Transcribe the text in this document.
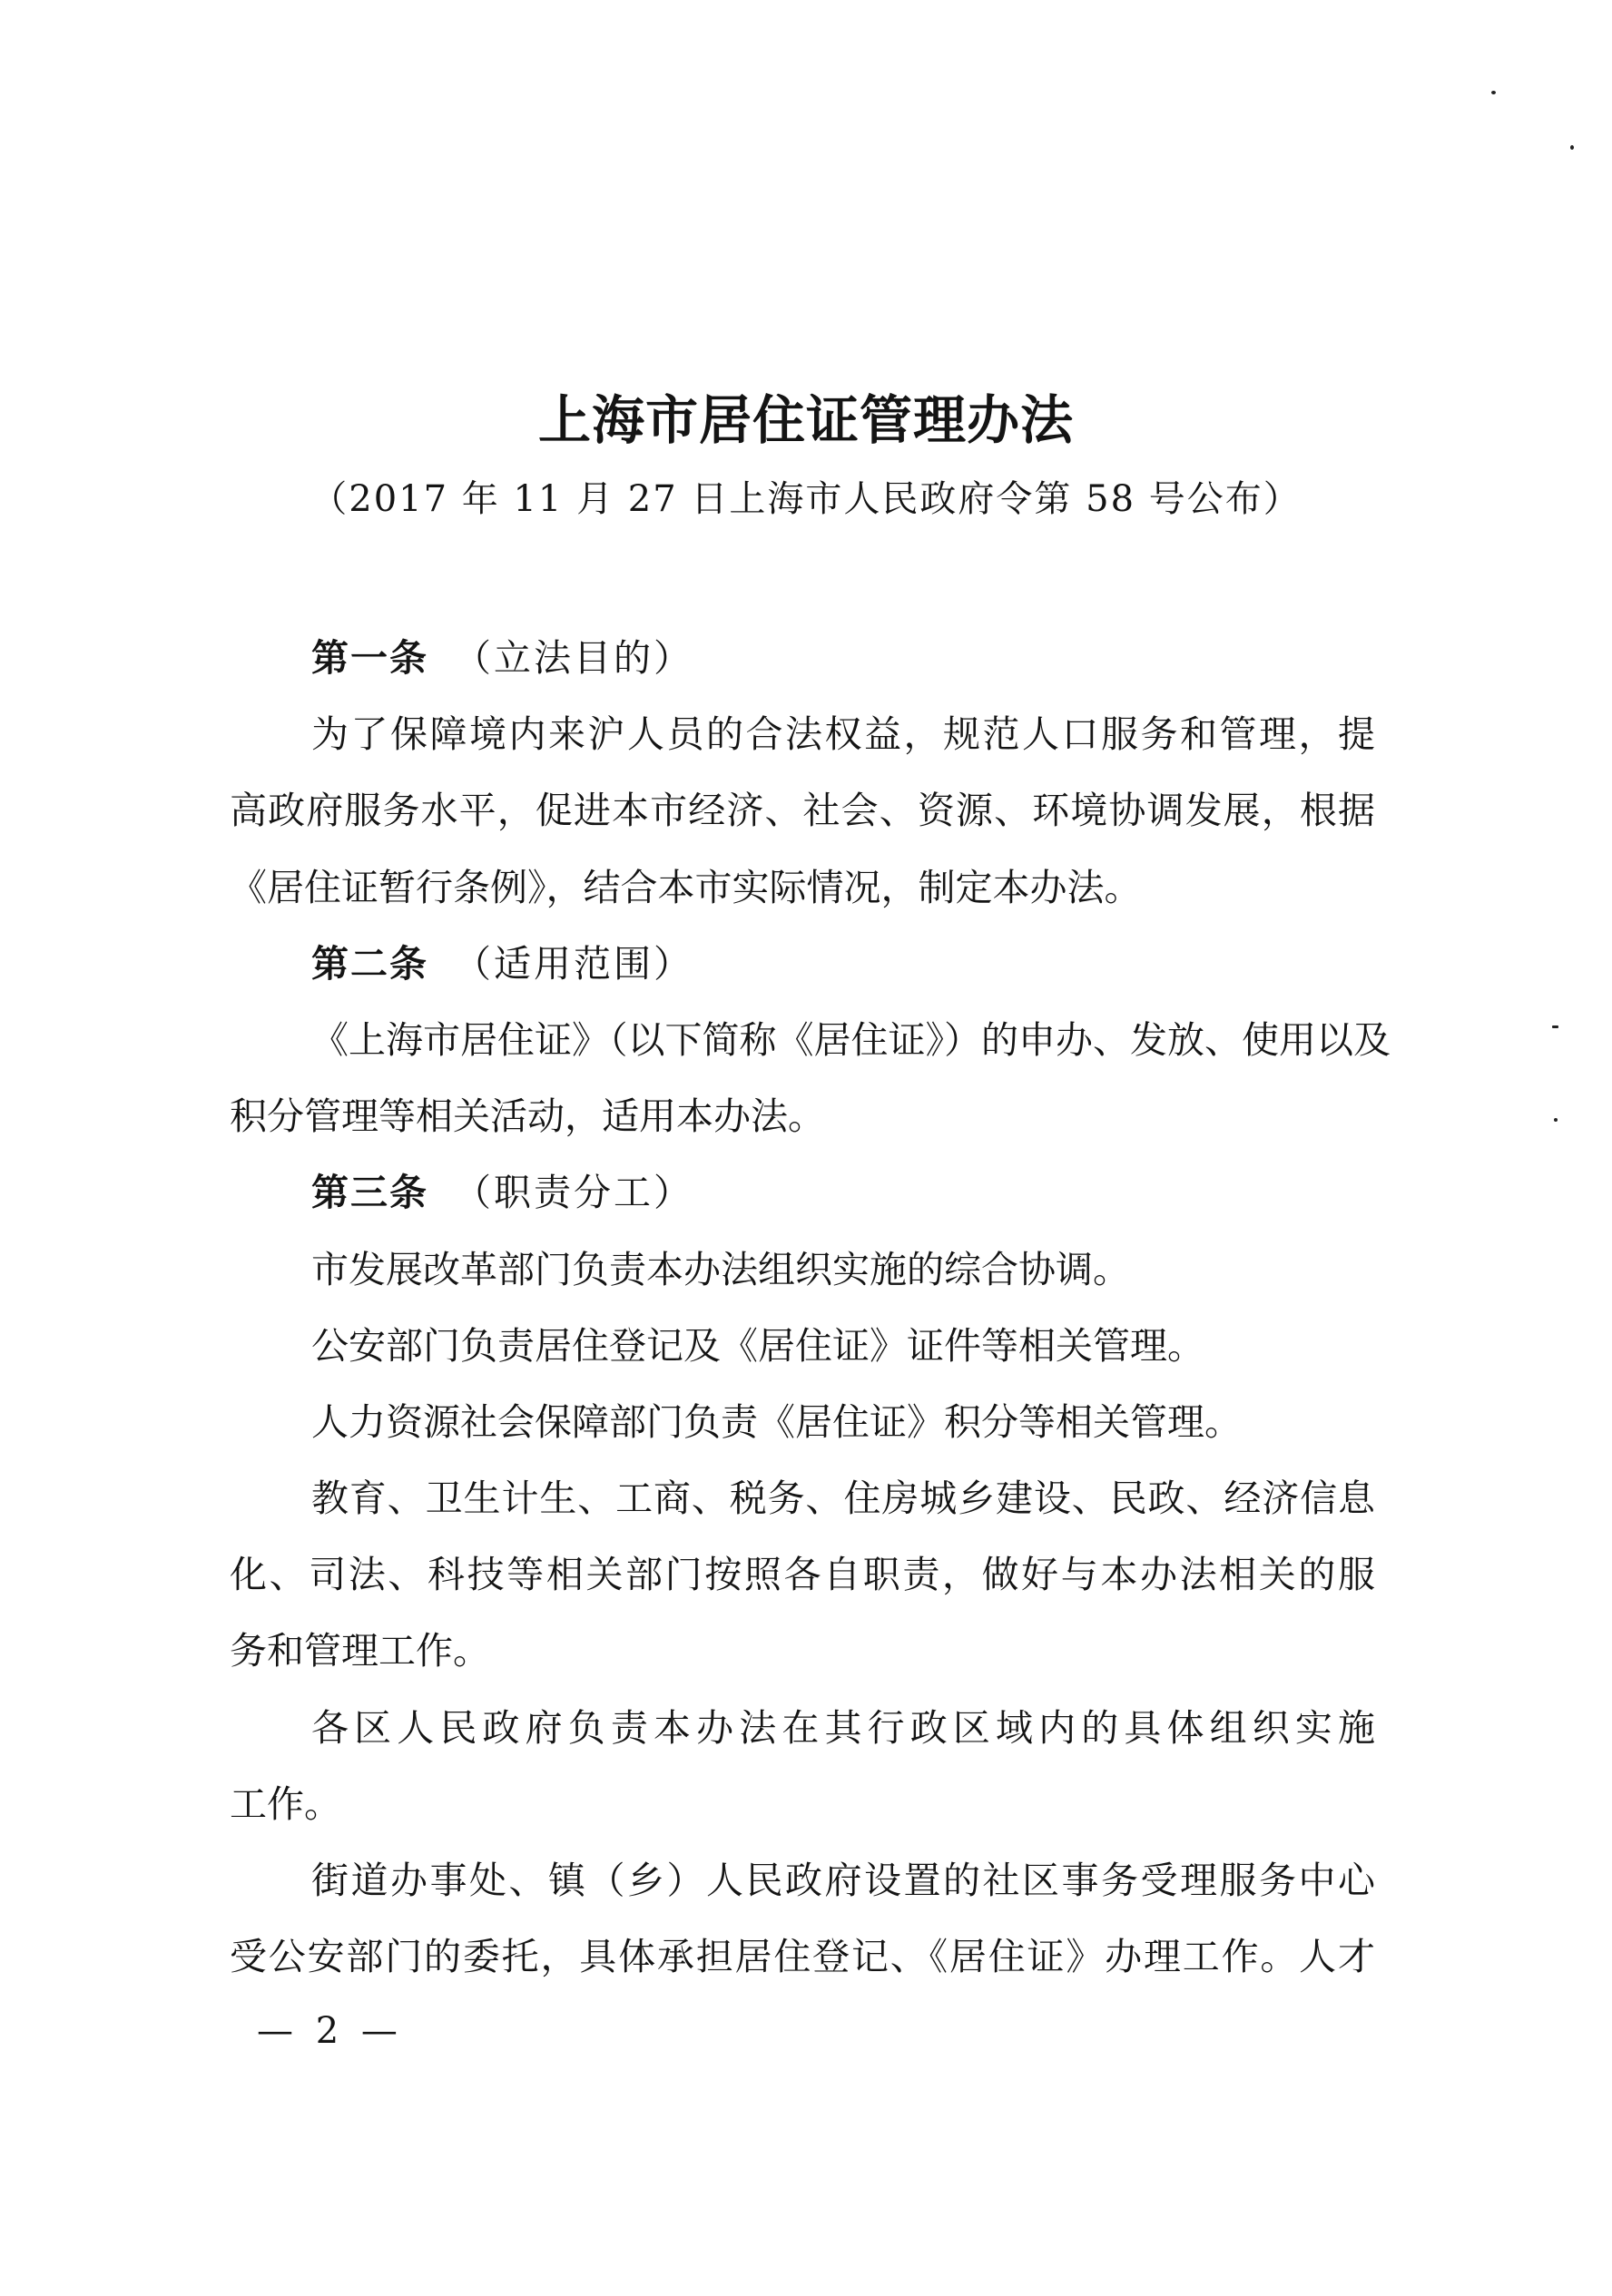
上海市居住证管理办法
（2017 年 11 月 27 日上海市人民政府令第 58 号公布）
第一条 （立法目的）
为了保障境内来沪人员的合法权益，规范人口服务和管理，提
高政府服务水平，促进本市经济、社会、资源、环境协调发展，根据
《居住证暂行条例》，结合本市实际情况，制定本办法。
第二条 （适用范围）
《上海市居住证》（以下简称《居住证》）的申办、发放、使用以及
积分管理等相关活动，适用本办法。
第三条 （职责分工）
市发展改革部门负责本办法组织实施的综合协调。
公安部门负责居住登记及《居住证》证件等相关管理。
人力资源社会保障部门负责《居住证》积分等相关管理。
教育、卫生计生、工商、税务、住房城乡建设、民政、经济信息
化、司法、科技等相关部门按照各自职责，做好与本办法相关的服
务和管理工作。
各区人民政府负责本办法在其行政区域内的具体组织实施
工作。
街道办事处、镇（乡）人民政府设置的社区事务受理服务中心
受公安部门的委托，具体承担居住登记、《居住证》办理工作。人才
— 2 —
